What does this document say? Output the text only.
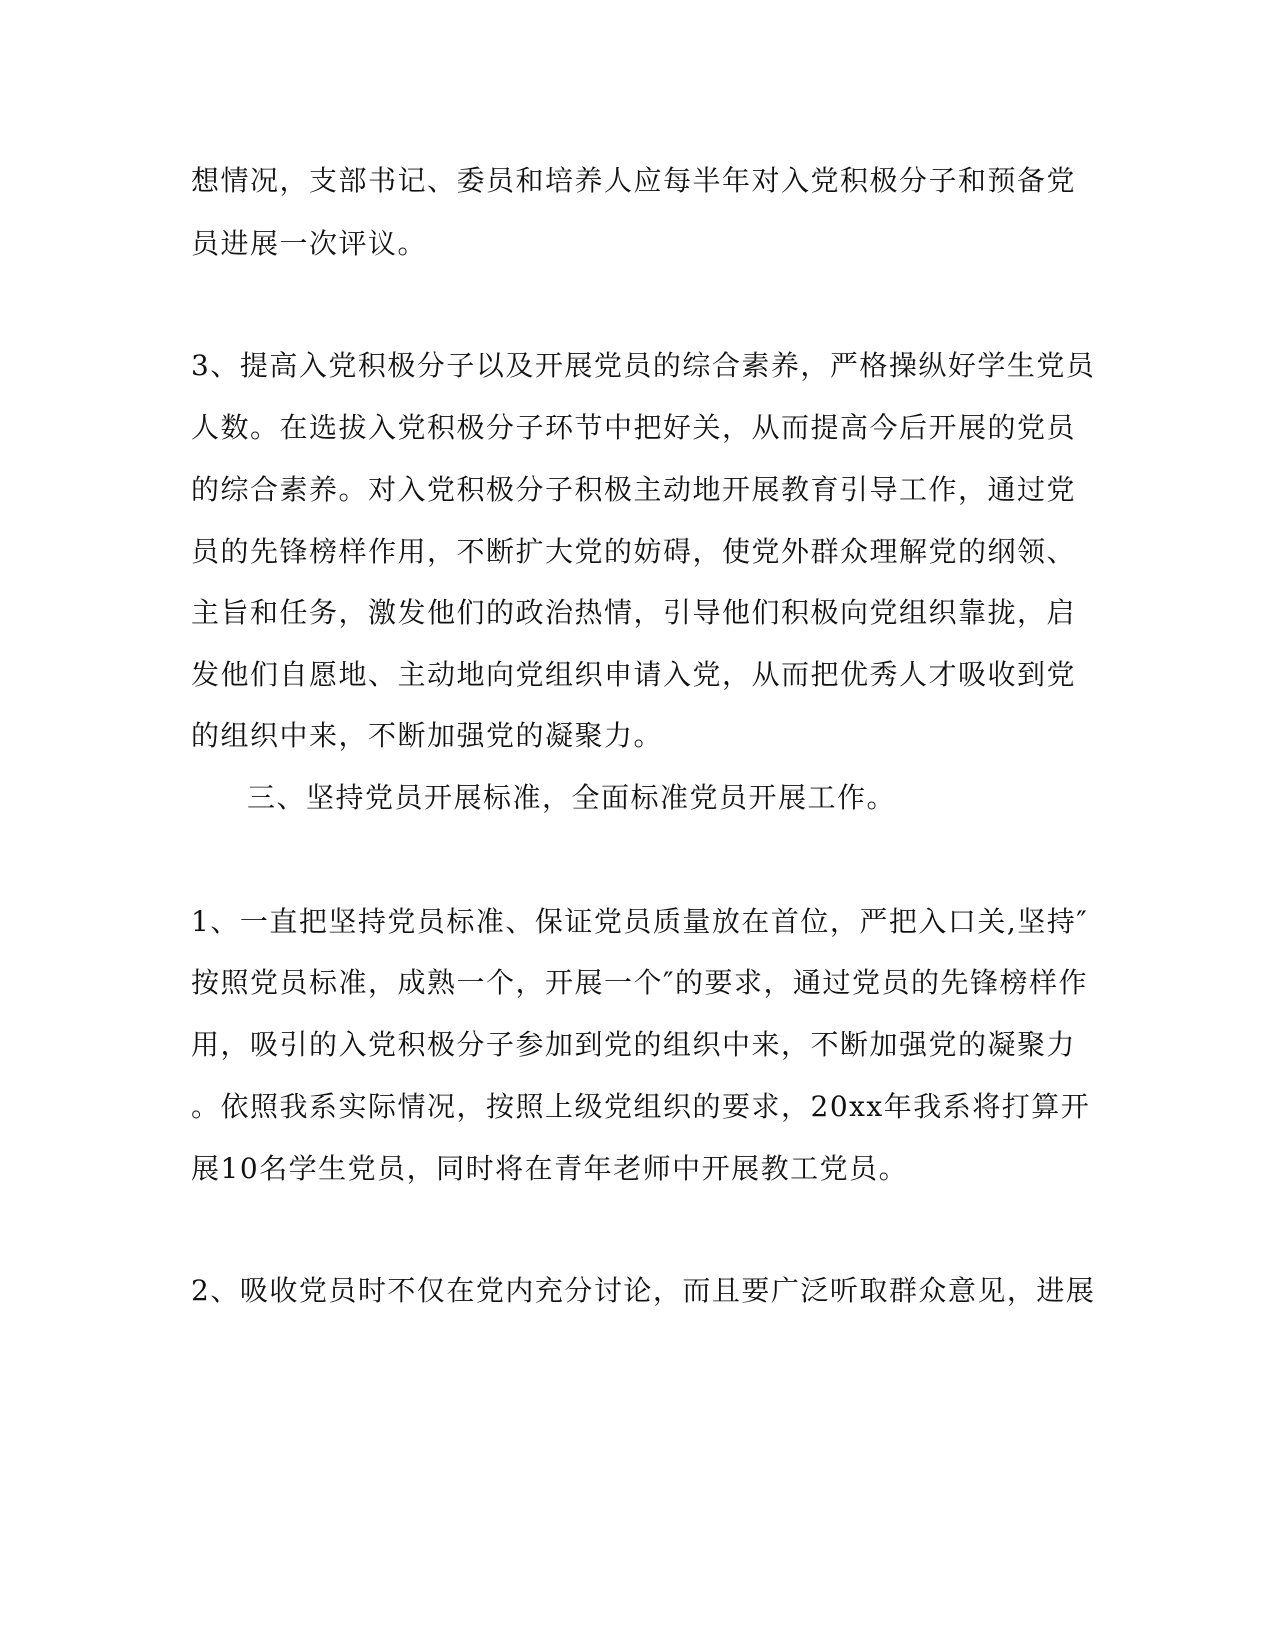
想情况，支部书记、委员和培养人应每半年对入党积极分子和预备党
员进展一次评议。
3、提高入党积极分子以及开展党员的综合素养，严格操纵好学生党员
人数。在选拔入党积极分子环节中把好关，从而提高今后开展的党员
的综合素养。对入党积极分子积极主动地开展教育引导工作，通过党
员的先锋榜样作用，不断扩大党的妨碍，使党外群众理解党的纲领、
主旨和任务，激发他们的政治热情，引导他们积极向党组织靠拢，启
发他们自愿地、主动地向党组织申请入党，从而把优秀人才吸收到党
的组织中来，不断加强党的凝聚力。
三、坚持党员开展标准，全面标准党员开展工作。
1、一直把坚持党员标准、保证党员质量放在首位，严把入口关,坚持″
按照党员标准，成熟一个，开展一个″的要求，通过党员的先锋榜样作
用，吸引的入党积极分子参加到党的组织中来，不断加强党的凝聚力
。依照我系实际情况，按照上级党组织的要求，20xx年我系将打算开
展10名学生党员，同时将在青年老师中开展教工党员。
2、吸收党员时不仅在党内充分讨论，而且要广泛听取群众意见，进展
